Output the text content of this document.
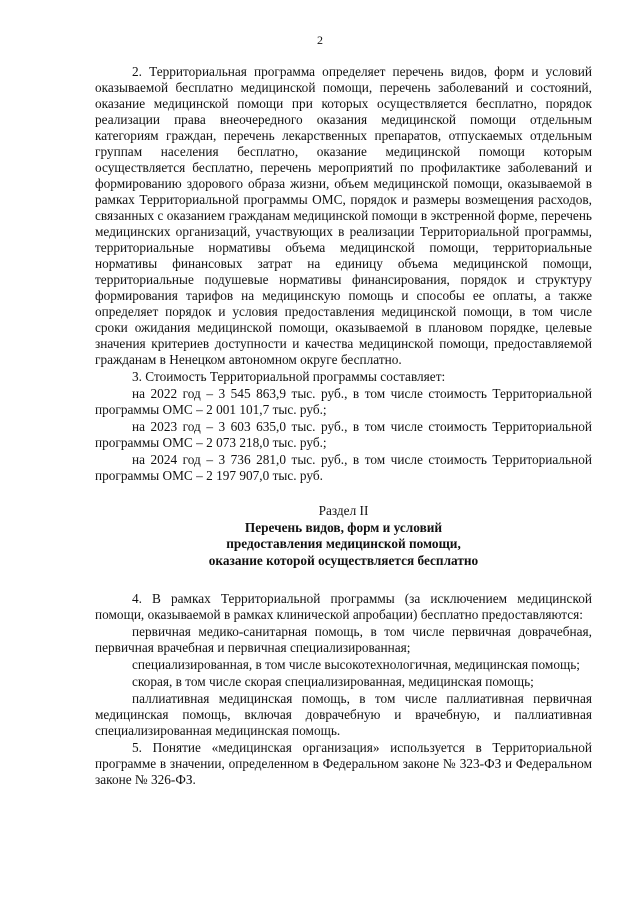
2

2. Территориальная программа определяет перечень видов, форм и условий оказываемой бесплатно медицинской помощи, перечень заболеваний и состояний, оказание медицинской помощи при которых осуществляется бесплатно, порядок реализации права внеочередного оказания медицинской помощи отдельным категориям граждан, перечень лекарственных препаратов, отпускаемых отдельным группам населения бесплатно, оказание медицинской помощи которым осуществляется бесплатно, перечень мероприятий по профилактике заболеваний и формированию здорового образа жизни, объем медицинской помощи, оказываемой в рамках Территориальной программы ОМС, порядок и размеры возмещения расходов, связанных с оказанием гражданам медицинской помощи в экстренной форме, перечень медицинских организаций, участвующих в реализации Территориальной программы, территориальные нормативы объема медицинской помощи, территориальные нормативы финансовых затрат на единицу объема медицинской помощи, территориальные подушевые нормативы финансирования, порядок и структуру формирования тарифов на медицинскую помощь и способы ее оплаты, а также определяет порядок и условия предоставления медицинской помощи, в том числе сроки ожидания медицинской помощи, оказываемой в плановом порядке, целевые значения критериев доступности и качества медицинской помощи, предоставляемой гражданам в Ненецком автономном округе бесплатно.

3. Стоимость Территориальной программы составляет:

на 2022 год – 3 545 863,9 тыс. руб., в том числе стоимость Территориальной программы ОМС – 2 001 101,7 тыс. руб.;

на 2023 год – 3 603 635,0 тыс. руб., в том числе стоимость Территориальной программы ОМС – 2 073 218,0 тыс. руб.;

на 2024 год – 3 736 281,0 тыс. руб., в том числе стоимость Территориальной программы ОМС – 2 197 907,0 тыс. руб.

Раздел II
Перечень видов, форм и условий
предоставления медицинской помощи,
оказание которой осуществляется бесплатно

4. В рамках Территориальной программы (за исключением медицинской помощи, оказываемой в рамках клинической апробации) бесплатно предоставляются:

первичная медико-санитарная помощь, в том числе первичная доврачебная, первичная врачебная и первичная специализированная;

специализированная, в том числе высокотехнологичная, медицинская помощь;

скорая, в том числе скорая специализированная, медицинская помощь;

паллиативная медицинская помощь, в том числе паллиативная первичная медицинская помощь, включая доврачебную и врачебную, и паллиативная специализированная медицинская помощь.

5. Понятие «медицинская организация» используется в Территориальной программе в значении, определенном в Федеральном законе № 323-ФЗ и Федеральном законе № 326-ФЗ.
